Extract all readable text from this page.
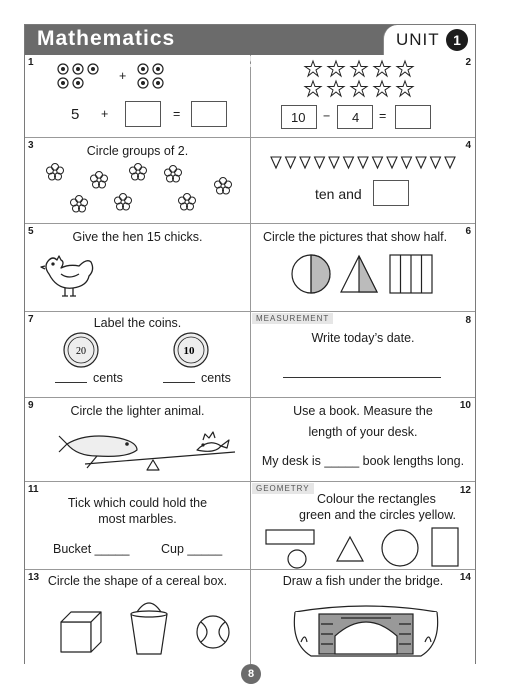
Mathematics	UNIT 1
MEASUREMENT
GEOMETRY
1
+
5 +	=
2
10 − 4 =
3	Circle groups of 2.	4
ten and
5	Give the hen 15 chicks.	6
Circle the pictures that show half.
7	Label the coins.
20	10
cents	cents
8
Write today’s date.
9	Circle the lighter animal.	10
Use a book. Measure the
length of your desk.
My desk is _____ book lengths long.
11
Tick which could hold the
most marbles.
Bucket _____	Cup _____
12
Colour the rectangles
green and the circles yellow.
13 Circle the shape of a cereal box.	14
Draw a fish under the bridge.
8
